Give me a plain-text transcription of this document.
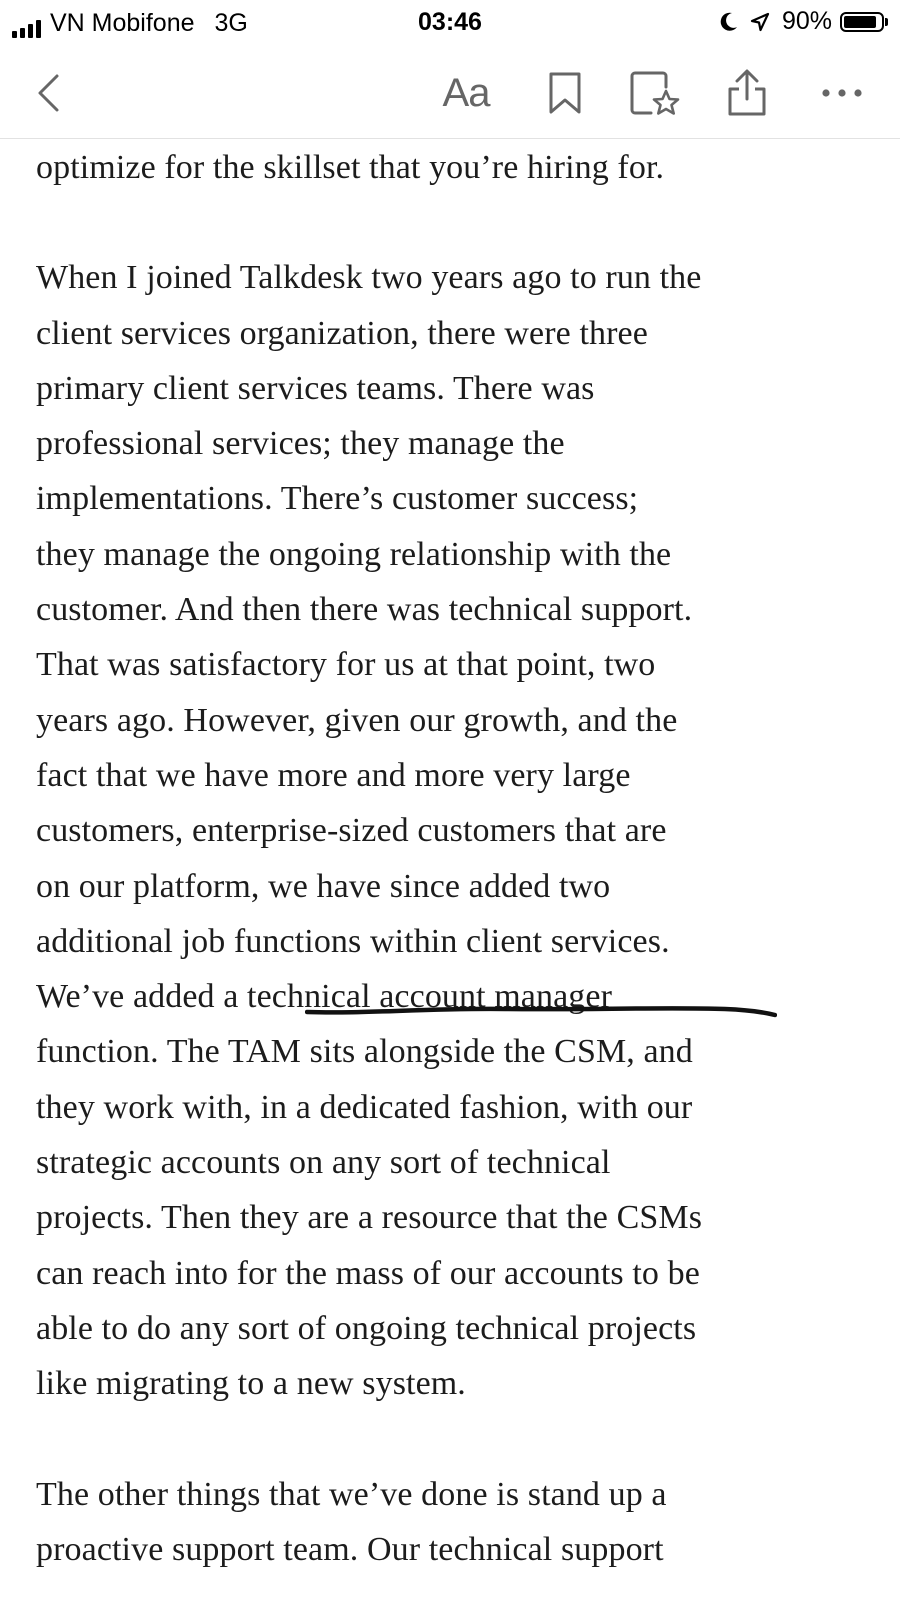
VN Mobifone 3G	03:46	90%
Aa

optimize for the skillset that you’re hiring for.

When I joined Talkdesk two years ago to run the
client services organization, there were three
primary client services teams. There was
professional services; they manage the
implementations. There’s customer success;
they manage the ongoing relationship with the
customer. And then there was technical support.
That was satisfactory for us at that point, two
years ago. However, given our growth, and the
fact that we have more and more very large
customers, enterprise-sized customers that are
on our platform, we have since added two
additional job functions within client services.
We’ve added a technical account manager
function. The TAM sits alongside the CSM, and
they work with, in a dedicated fashion, with our
strategic accounts on any sort of technical
projects. Then they are a resource that the CSMs
can reach into for the mass of our accounts to be
able to do any sort of ongoing technical projects
like migrating to a new system.

The other things that we’ve done is stand up a
proactive support team. Our technical support
